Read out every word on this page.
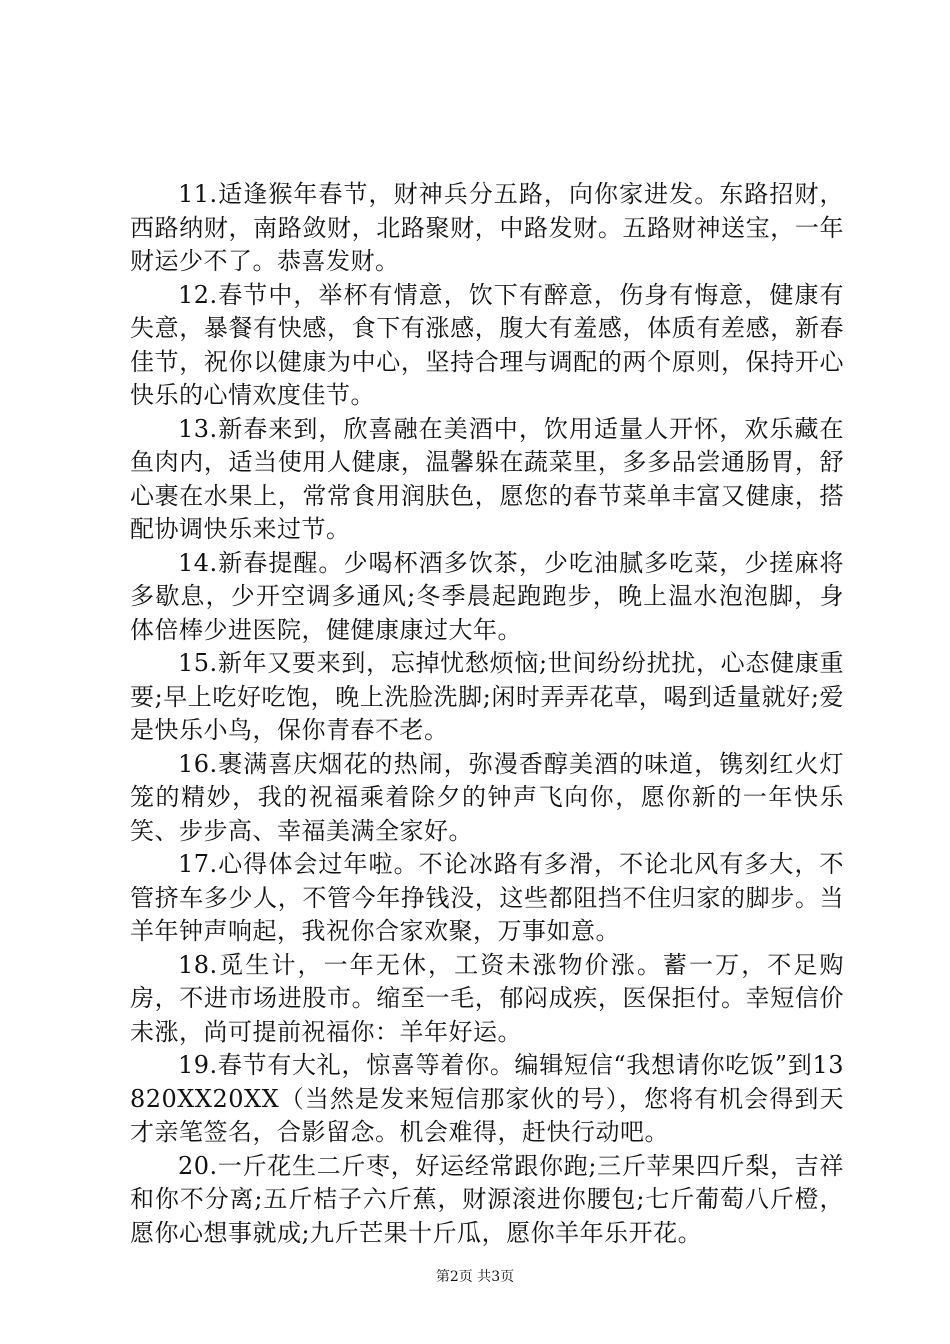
11.适逢猴年春节，财神兵分五路，向你家进发。东路招财，西路纳财，南路敛财，北路聚财，中路发财。五路财神送宝，一年财运少不了。恭喜发财。

12.春节中，举杯有情意，饮下有醉意，伤身有悔意，健康有失意，暴餐有快感，食下有涨感，腹大有羞感，体质有差感，新春佳节，祝你以健康为中心，坚持合理与调配的两个原则，保持开心快乐的心情欢度佳节。

13.新春来到，欣喜融在美酒中，饮用适量人开怀，欢乐藏在鱼肉内，适当使用人健康，温馨躲在蔬菜里，多多品尝通肠胃，舒心裹在水果上，常常食用润肤色，愿您的春节菜单丰富又健康，搭配协调快乐来过节。

14.新春提醒。少喝杯酒多饮茶，少吃油腻多吃菜，少搓麻将多歇息，少开空调多通风;冬季晨起跑跑步，晚上温水泡泡脚，身体倍棒少进医院，健健康康过大年。

15.新年又要来到，忘掉忧愁烦恼;世间纷纷扰扰，心态健康重要;早上吃好吃饱，晚上洗脸洗脚;闲时弄弄花草，喝到适量就好;爱是快乐小鸟，保你青春不老。

16.裹满喜庆烟花的热闹，弥漫香醇美酒的味道，镌刻红火灯笼的精妙，我的祝福乘着除夕的钟声飞向你，愿你新的一年快乐笑、步步高、幸福美满全家好。

17.心得体会过年啦。不论冰路有多滑，不论北风有多大，不管挤车多少人，不管今年挣钱没，这些都阻挡不住归家的脚步。当羊年钟声响起，我祝你合家欢聚，万事如意。

18.觅生计，一年无休，工资未涨物价涨。蓄一万，不足购房，不进市场进股市。缩至一毛，郁闷成疾，医保拒付。幸短信价未涨，尚可提前祝福你：羊年好运。

19.春节有大礼，惊喜等着你。编辑短信“我想请你吃饭”到13820XX20XX（当然是发来短信那家伙的号），您将有机会得到天才亲笔签名，合影留念。机会难得，赶快行动吧。

20.一斤花生二斤枣，好运经常跟你跑;三斤苹果四斤梨，吉祥和你不分离;五斤桔子六斤蕉，财源滚进你腰包;七斤葡萄八斤橙，愿你心想事就成;九斤芒果十斤瓜，愿你羊年乐开花。

第2页 共3页
